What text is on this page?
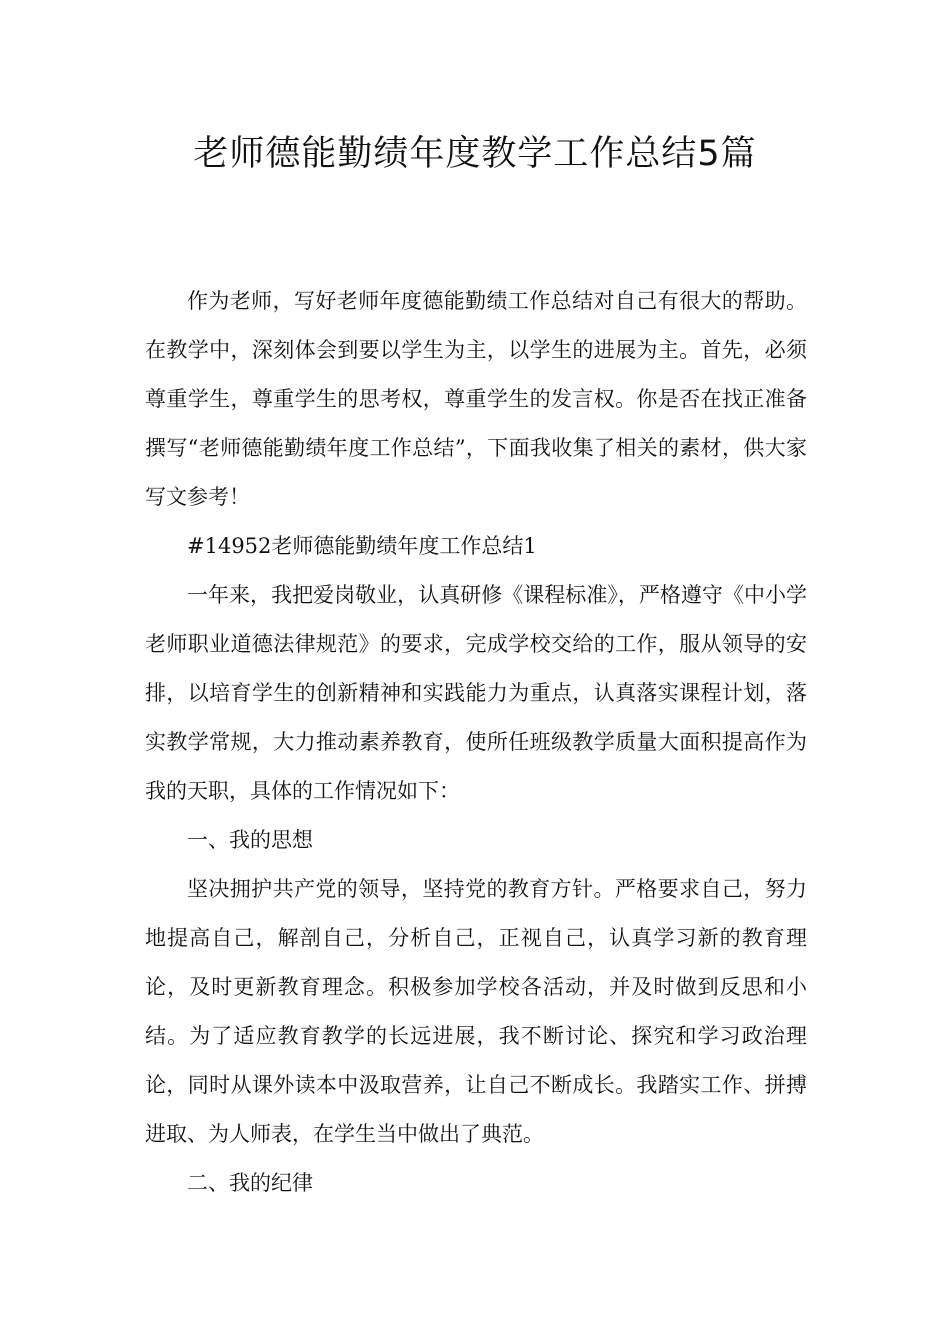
老师德能勤绩年度教学工作总结5篇

作为老师，写好老师年度德能勤绩工作总结对自己有很大的帮助。在教学中，深刻体会到要以学生为主，以学生的进展为主。首先，必须尊重学生，尊重学生的思考权，尊重学生的发言权。你是否在找正准备撰写“老师德能勤绩年度工作总结”，下面我收集了相关的素材，供大家写文参考！

#14952老师德能勤绩年度工作总结1

一年来，我把爱岗敬业，认真研修《课程标准》，严格遵守《中小学老师职业道德法律规范》的要求，完成学校交给的工作，服从领导的安排，以培育学生的创新精神和实践能力为重点，认真落实课程计划，落实教学常规，大力推动素养教育，使所任班级教学质量大面积提高作为我的天职，具体的工作情况如下：

一、我的思想

坚决拥护共产党的领导，坚持党的教育方针。严格要求自己，努力地提高自己，解剖自己，分析自己，正视自己，认真学习新的教育理论，及时更新教育理念。积极参加学校各活动，并及时做到反思和小结。为了适应教育教学的长远进展，我不断讨论、探究和学习政治理论，同时从课外读本中汲取营养，让自己不断成长。我踏实工作、拼搏进取、为人师表，在学生当中做出了典范。

二、我的纪律
